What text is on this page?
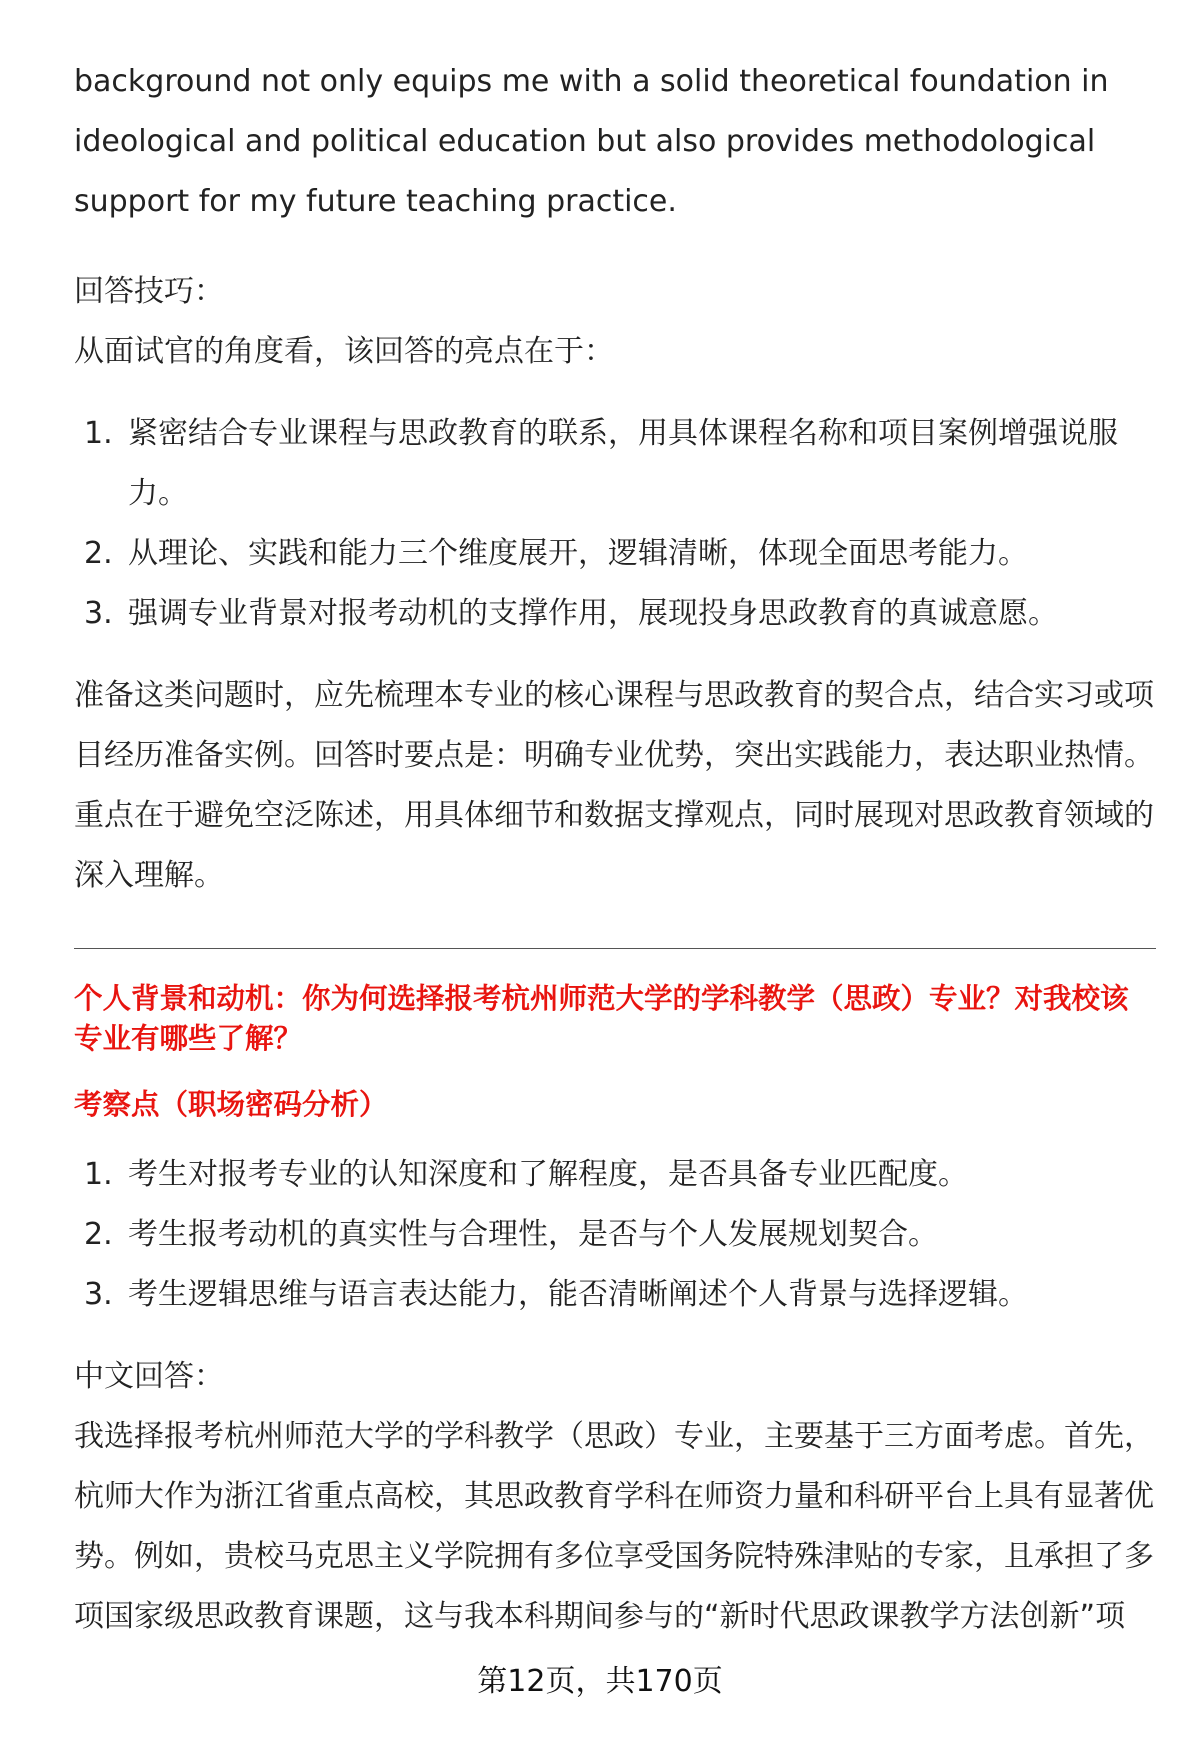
background not only equips me with a solid theoretical foundation in ideological and political education but also provides methodological support for my future teaching practice.

回答技巧：

从面试官的角度看，该回答的亮点在于：

1. 紧密结合专业课程与思政教育的联系，用具体课程名称和项目案例增强说服力。
2. 从理论、实践和能力三个维度展开，逻辑清晰，体现全面思考能力。
3. 强调专业背景对报考动机的支撑作用，展现投身思政教育的真诚意愿。

准备这类问题时，应先梳理本专业的核心课程与思政教育的契合点，结合实习或项目经历准备实例。回答时要点是：明确专业优势，突出实践能力，表达职业热情。重点在于避免空泛陈述，用具体细节和数据支撑观点，同时展现对思政教育领域的深入理解。

个人背景和动机：你为何选择报考杭州师范大学的学科教学（思政）专业？对我校该专业有哪些了解？

考察点（职场密码分析）

1. 考生对报考专业的认知深度和了解程度，是否具备专业匹配度。
2. 考生报考动机的真实性与合理性，是否与个人发展规划契合。
3. 考生逻辑思维与语言表达能力，能否清晰阐述个人背景与选择逻辑。

中文回答：

我选择报考杭州师范大学的学科教学（思政）专业，主要基于三方面考虑。首先，杭师大作为浙江省重点高校，其思政教育学科在师资力量和科研平台上具有显著优势。例如，贵校马克思主义学院拥有多位享受国务院特殊津贴的专家，且承担了多项国家级思政教育课题，这与我本科期间参与的“新时代思政课教学方法创新”项

第12页，共170页
